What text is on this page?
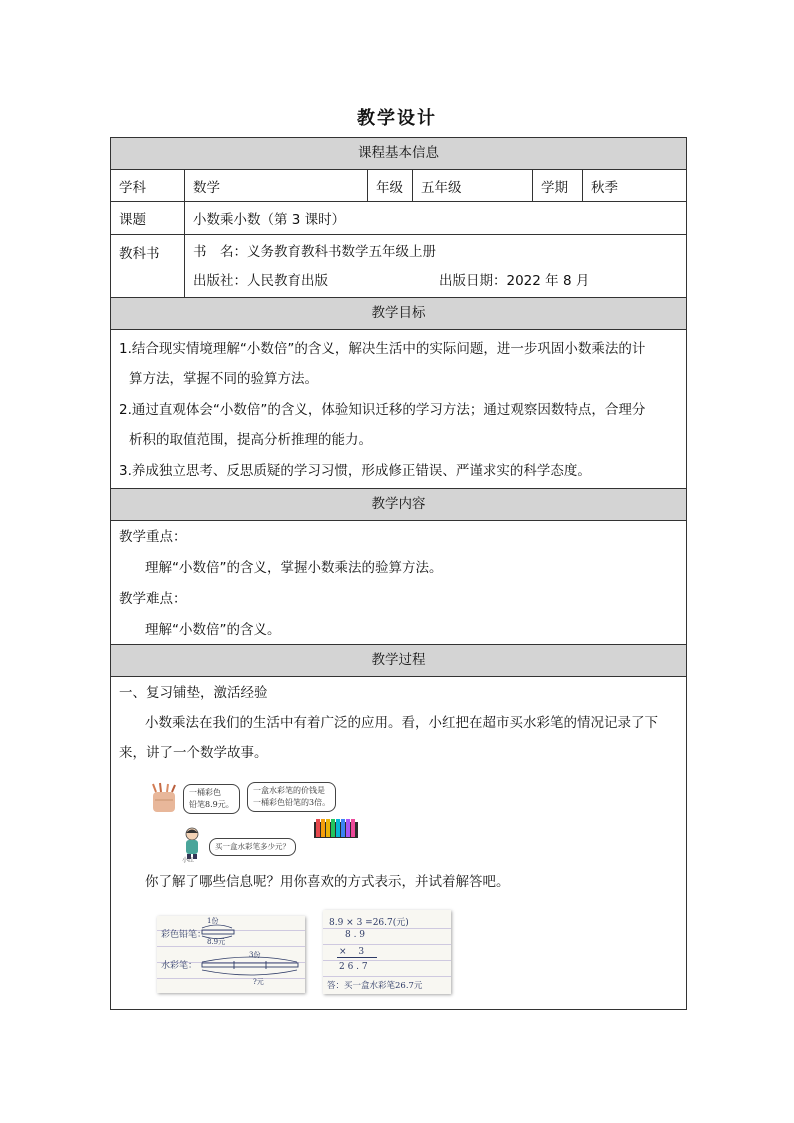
教学设计
课程基本信息
学科	数学	年级	五年级	学期	秋季
课题	小数乘小数（第 3 课时）
教科书	书　名：义务教育教科书数学五年级上册
出版社：人民教育出版	出版日期：2022 年 8 月
教学目标
1.结合现实情境理解“小数倍”的含义，解决生活中的实际问题，进一步巩固小数乘法的计
算方法，掌握不同的验算方法。
2.通过直观体会“小数倍”的含义，体验知识迁移的学习方法；通过观察因数特点，合理分
析积的取值范围，提高分析推理的能力。
3.养成独立思考、反思质疑的学习习惯，形成修正错误、严谨求实的科学态度。
教学内容
教学重点：
理解“小数倍”的含义，掌握小数乘法的验算方法。
教学难点：
理解“小数倍”的含义。
教学过程
一、复习铺垫，激活经验
小数乘法在我们的生活中有着广泛的应用。看，小红把在超市买水彩笔的情况记录了下
来，讲了一个数学故事。
一桶彩色
铅笔8.9元。
一盒水彩笔的价钱是
一桶彩色铅笔的3倍。
买一盒水彩笔多少元？
小红
你了解了哪些信息呢？用你喜欢的方式表示，并试着解答吧。
彩色铅笔：
1份
8.9元
水彩笔：
3份
?元
8.9 × 3 =26.7(元)
8 . 9
×　 3
2 6 . 7
答：买一盒水彩笔26.7元
